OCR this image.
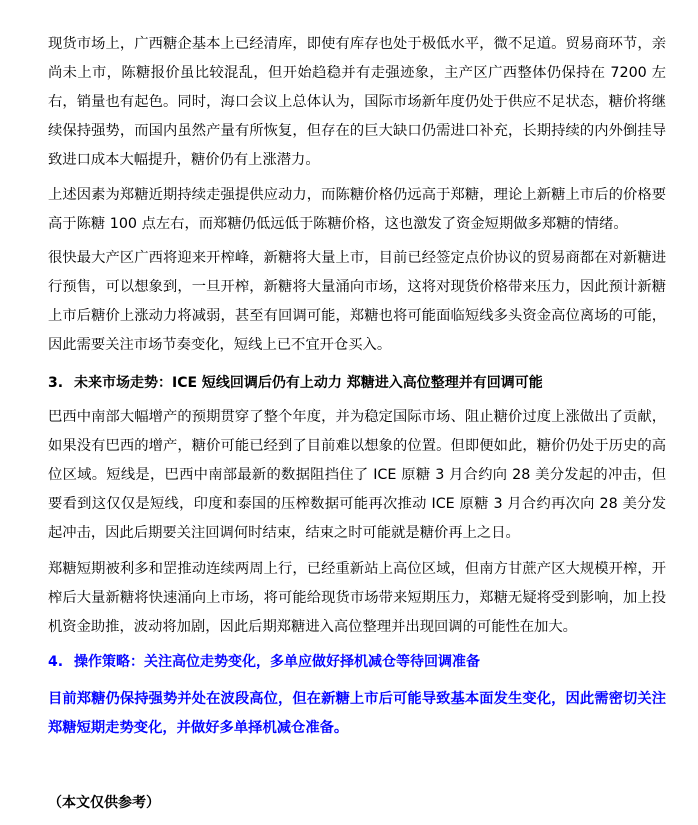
现货市场上，广西糖企基本上已经清库，即使有库存也处于极低水平，微不足道。贸易商环节，亲尚未上市，陈糖报价虽比较混乱，但开始趋稳并有走强迹象，主产区广西整体仍保持在 7200 左右，销量也有起色。同时，海口会议上总体认为，国际市场新年度仍处于供应不足状态，糖价将继续保持强势，而国内虽然产量有所恢复，但存在的巨大缺口仍需进口补充，长期持续的内外倒挂导致进口成本大幅提升，糖价仍有上涨潜力。

上述因素为郑糖近期持续走强提供应动力，而陈糖价格仍远高于郑糖，理论上新糖上市后的价格要高于陈糖 100 点左右，而郑糖仍低远低于陈糖价格，这也激发了资金短期做多郑糖的情绪。

很快最大产区广西将迎来开榨峰，新糖将大量上市，目前已经签定点价协议的贸易商都在对新糖进行预售，可以想象到，一旦开榨，新糖将大量涌向市场，这将对现货价格带来压力，因此预计新糖上市后糖价上涨动力将减弱，甚至有回调可能，郑糖也将可能面临短线多头资金高位离场的可能，因此需要关注市场节奏变化，短线上已不宜开仓买入。

3. 未来市场走势：ICE 短线回调后仍有上动力 郑糖进入高位整理并有回调可能

巴西中南部大幅增产的预期贯穿了整个年度，并为稳定国际市场、阻止糖价过度上涨做出了贡献，如果没有巴西的增产，糖价可能已经到了目前难以想象的位置。但即便如此，糖价仍处于历史的高位区域。短线是，巴西中南部最新的数据阻挡住了 ICE 原糖 3 月合约向 28 美分发起的冲击，但要看到这仅仅是短线，印度和泰国的压榨数据可能再次推动 ICE 原糖 3 月合约再次向 28 美分发起冲击，因此后期要关注回调何时结束，结束之时可能就是糖价再上之日。

郑糖短期被利多和罡推动连续两周上行，已经重新站上高位区域，但南方甘蔗产区大规模开榨，开榨后大量新糖将快速涌向上市场，将可能给现货市场带来短期压力，郑糖无疑将受到影响，加上投机资金助推，波动将加剧，因此后期郑糖进入高位整理并出现回调的可能性在加大。

4. 操作策略：关注高位走势变化，多单应做好择机减仓等待回调准备

目前郑糖仍保持强势并处在波段高位，但在新糖上市后可能导致基本面发生变化，因此需密切关注郑糖短期走势变化，并做好多单择机减仓准备。

（本文仅供参考）
